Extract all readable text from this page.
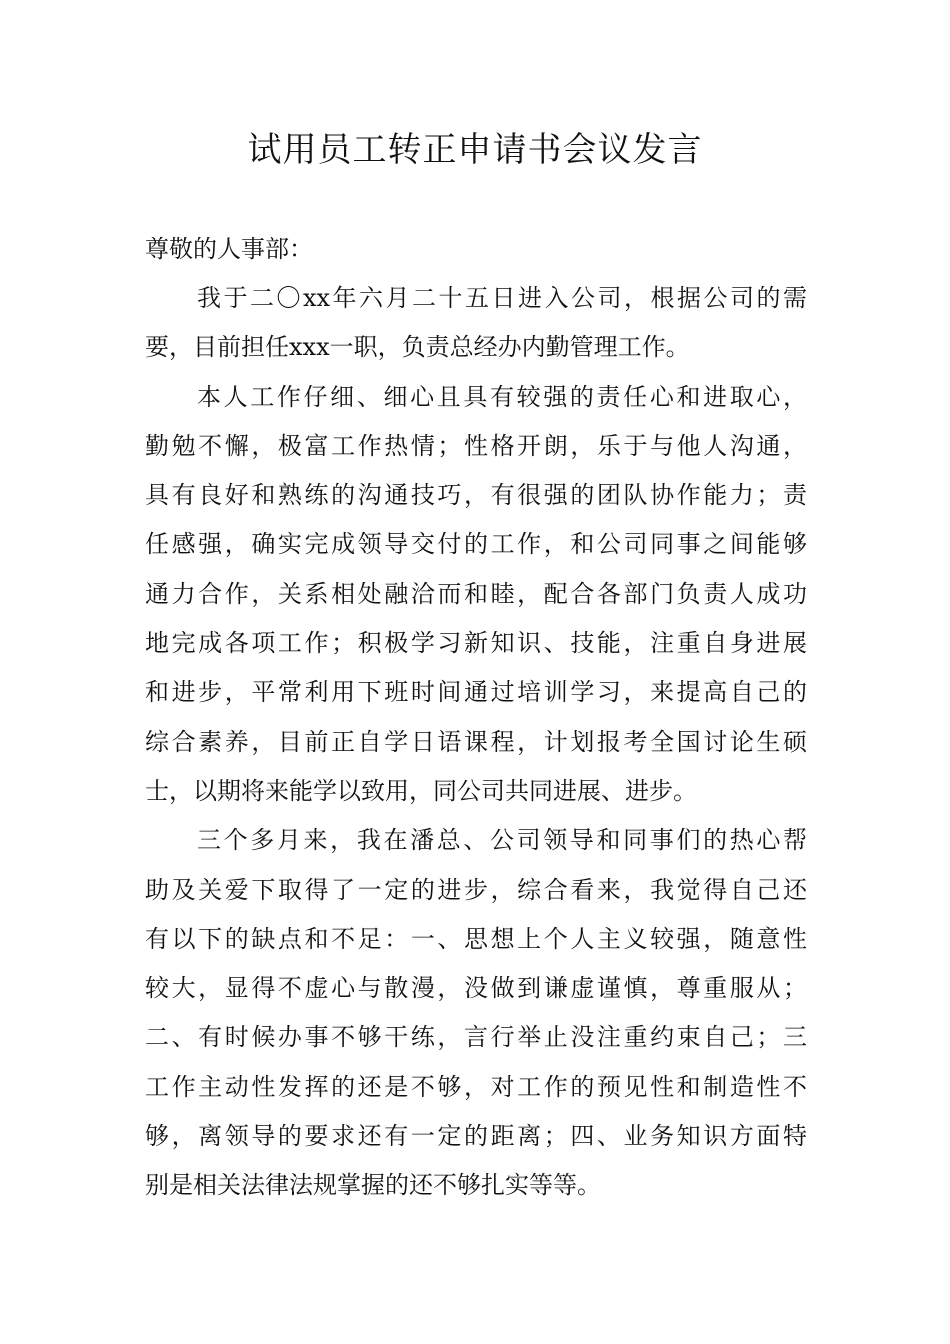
试用员工转正申请书会议发言

尊敬的人事部：

我于二〇xx年六月二十五日进入公司，根据公司的需
要，目前担任xxx一职，负责总经办内勤管理工作。
本人工作仔细、细心且具有较强的责任心和进取心，
勤勉不懈，极富工作热情；性格开朗，乐于与他人沟通，
具有良好和熟练的沟通技巧，有很强的团队协作能力；责
任感强，确实完成领导交付的工作，和公司同事之间能够
通力合作，关系相处融洽而和睦，配合各部门负责人成功
地完成各项工作；积极学习新知识、技能，注重自身进展
和进步，平常利用下班时间通过培训学习，来提高自己的
综合素养，目前正自学日语课程，计划报考全国讨论生硕
士，以期将来能学以致用，同公司共同进展、进步。
三个多月来，我在潘总、公司领导和同事们的热心帮
助及关爱下取得了一定的进步，综合看来，我觉得自己还
有以下的缺点和不足：一、思想上个人主义较强，随意性
较大，显得不虚心与散漫，没做到谦虚谨慎，尊重服从；
二、有时候办事不够干练，言行举止没注重约束自己；三
工作主动性发挥的还是不够，对工作的预见性和制造性不
够，离领导的要求还有一定的距离；四、业务知识方面特
别是相关法律法规掌握的还不够扎实等等。
